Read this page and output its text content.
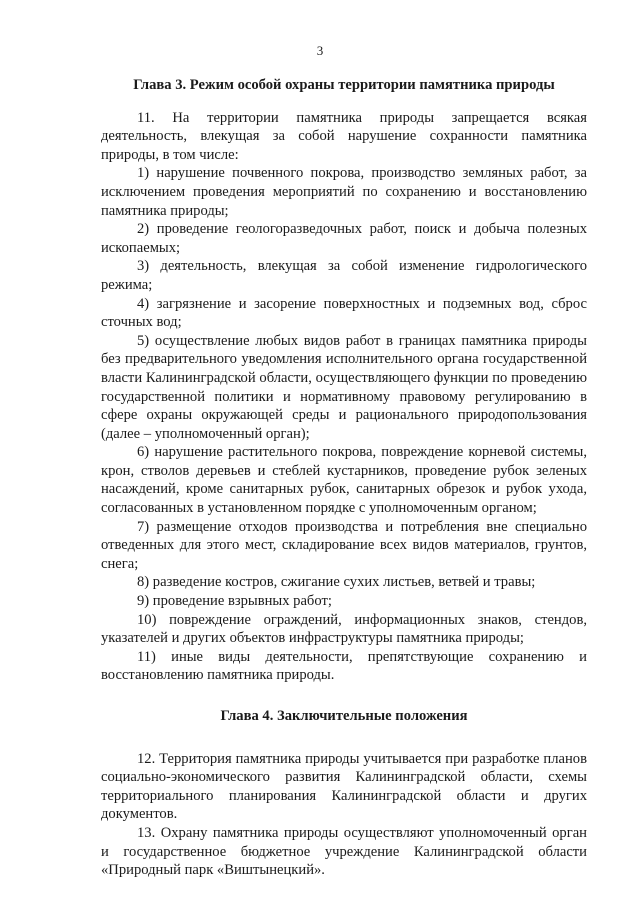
3
Глава 3. Режим особой охраны территории памятника природы

11. На территории памятника природы запрещается всякая деятельность, влекущая за собой нарушение сохранности памятника природы, в том числе:

1) нарушение почвенного покрова, производство земляных работ, за исключением проведения мероприятий по сохранению и восстановлению памятника природы;

2) проведение геологоразведочных работ, поиск и добыча полезных ископаемых;

3) деятельность, влекущая за собой изменение гидрологического режима;

4) загрязнение и засорение поверхностных и подземных вод, сброс сточных вод;

5) осуществление любых видов работ в границах памятника природы без предварительного уведомления исполнительного органа государственной власти Калининградской области, осуществляющего функции по проведению государственной политики и нормативному правовому регулированию в сфере охраны окружающей среды и рационального природопользования (далее – уполномоченный орган);

6) нарушение растительного покрова, повреждение корневой системы, крон, стволов деревьев и стеблей кустарников, проведение рубок зеленых насаждений, кроме санитарных рубок, санитарных обрезок и рубок ухода, согласованных в установленном порядке с уполномоченным органом;

7) размещение отходов производства и потребления вне специально отведенных для этого мест, складирование всех видов материалов, грунтов, снега;

8) разведение костров, сжигание сухих листьев, ветвей и травы;

9) проведение взрывных работ;

10) повреждение ограждений, информационных знаков, стендов, указателей и других объектов инфраструктуры памятника природы;

11) иные виды деятельности, препятствующие сохранению и восстановлению памятника природы.

Глава 4. Заключительные положения

12. Территория памятника природы учитывается при разработке планов социально-экономического развития Калининградской области, схемы территориального планирования Калининградской области и других документов.

13. Охрану памятника природы осуществляют уполномоченный орган и государственное бюджетное учреждение Калининградской области «Природный парк «Виштынецкий».
